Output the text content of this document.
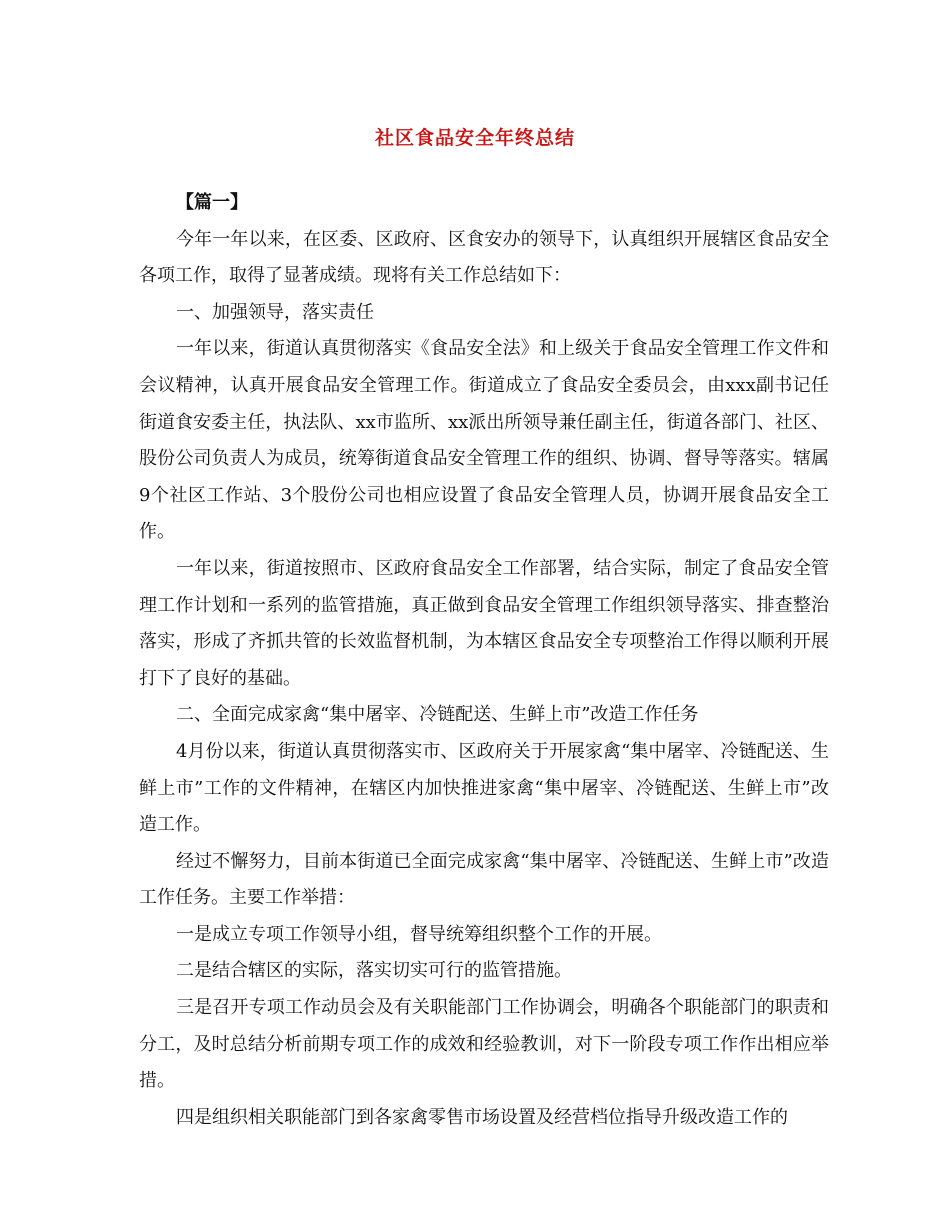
社区食品安全年终总结

【篇一】

今年一年以来，在区委、区政府、区食安办的领导下，认真组织开展辖区食品安全各项工作，取得了显著成绩。现将有关工作总结如下：

一、加强领导，落实责任

一年以来，街道认真贯彻落实《食品安全法》和上级关于食品安全管理工作文件和会议精神，认真开展食品安全管理工作。街道成立了食品安全委员会，由xxx副书记任街道食安委主任，执法队、xx市监所、xx派出所领导兼任副主任，街道各部门、社区、股份公司负责人为成员，统筹街道食品安全管理工作的组织、协调、督导等落实。辖属9个社区工作站、3个股份公司也相应设置了食品安全管理人员，协调开展食品安全工作。

一年以来，街道按照市、区政府食品安全工作部署，结合实际，制定了食品安全管理工作计划和一系列的监管措施，真正做到食品安全管理工作组织领导落实、排查整治落实，形成了齐抓共管的长效监督机制，为本辖区食品安全专项整治工作得以顺利开展打下了良好的基础。

二、全面完成家禽“集中屠宰、冷链配送、生鲜上市”改造工作任务

4月份以来，街道认真贯彻落实市、区政府关于开展家禽“集中屠宰、冷链配送、生鲜上市”工作的文件精神，在辖区内加快推进家禽“集中屠宰、冷链配送、生鲜上市”改造工作。

经过不懈努力，目前本街道已全面完成家禽“集中屠宰、冷链配送、生鲜上市”改造工作任务。主要工作举措：

一是成立专项工作领导小组，督导统筹组织整个工作的开展。

二是结合辖区的实际，落实切实可行的监管措施。

三是召开专项工作动员会及有关职能部门工作协调会，明确各个职能部门的职责和分工，及时总结分析前期专项工作的成效和经验教训，对下一阶段专项工作作出相应举措。

四是组织相关职能部门到各家禽零售市场设置及经营档位指导升级改造工作的
